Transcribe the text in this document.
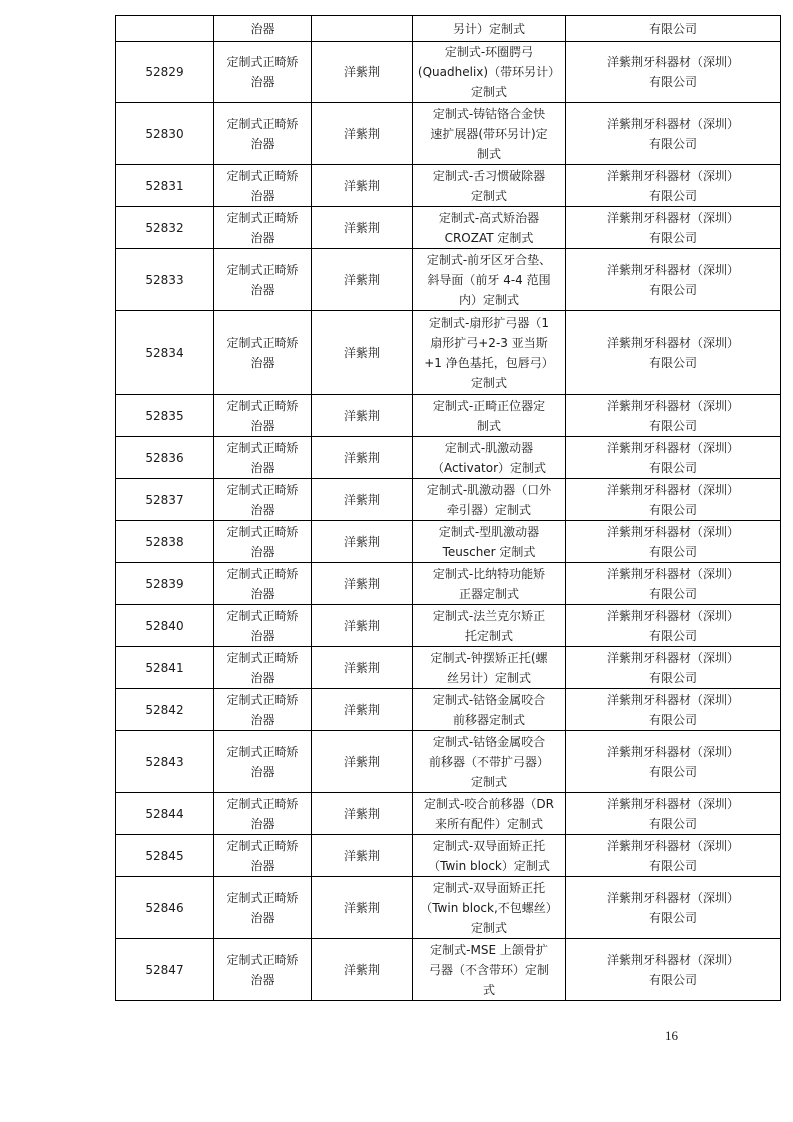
	治器		另计）定制式	有限公司
52829	定制式正畸矫
治器	洋紫荆	定制式-环圈腭弓
(Quadhelix)（带环另计）
定制式	洋紫荆牙科器材（深圳）
有限公司
52830	定制式正畸矫
治器	洋紫荆	定制式-铸钴铬合金快
速扩展器(带环另计)定
制式	洋紫荆牙科器材（深圳）
有限公司
52831	定制式正畸矫
治器	洋紫荆	定制式-舌习惯破除器
定制式	洋紫荆牙科器材（深圳）
有限公司
52832	定制式正畸矫
治器	洋紫荆	定制式-高式矫治器
CROZAT 定制式	洋紫荆牙科器材（深圳）
有限公司
52833	定制式正畸矫
治器	洋紫荆	定制式-前牙区牙合垫、
斜导面（前牙 4-4 范围
内）定制式	洋紫荆牙科器材（深圳）
有限公司
52834	定制式正畸矫
治器	洋紫荆	定制式-扇形扩弓器（1
扇形扩弓+2-3 亚当斯
+1 净色基托，包唇弓）
定制式	洋紫荆牙科器材（深圳）
有限公司
52835	定制式正畸矫
治器	洋紫荆	定制式-正畸正位器定
制式	洋紫荆牙科器材（深圳）
有限公司
52836	定制式正畸矫
治器	洋紫荆	定制式-肌激动器
（Activator）定制式	洋紫荆牙科器材（深圳）
有限公司
52837	定制式正畸矫
治器	洋紫荆	定制式-肌激动器（口外
牵引器）定制式	洋紫荆牙科器材（深圳）
有限公司
52838	定制式正畸矫
治器	洋紫荆	定制式-型肌激动器
Teuscher 定制式	洋紫荆牙科器材（深圳）
有限公司
52839	定制式正畸矫
治器	洋紫荆	定制式-比纳特功能矫
正器定制式	洋紫荆牙科器材（深圳）
有限公司
52840	定制式正畸矫
治器	洋紫荆	定制式-法兰克尔矫正
托定制式	洋紫荆牙科器材（深圳）
有限公司
52841	定制式正畸矫
治器	洋紫荆	定制式-钟摆矫正托(螺
丝另计）定制式	洋紫荆牙科器材（深圳）
有限公司
52842	定制式正畸矫
治器	洋紫荆	定制式-钴铬金属咬合
前移器定制式	洋紫荆牙科器材（深圳）
有限公司
52843	定制式正畸矫
治器	洋紫荆	定制式-钴铬金属咬合
前移器（不带扩弓器）
定制式	洋紫荆牙科器材（深圳）
有限公司
52844	定制式正畸矫
治器	洋紫荆	定制式-咬合前移器（DR
来所有配件）定制式	洋紫荆牙科器材（深圳）
有限公司
52845	定制式正畸矫
治器	洋紫荆	定制式-双导面矫正托
（Twin block）定制式	洋紫荆牙科器材（深圳）
有限公司
52846	定制式正畸矫
治器	洋紫荆	定制式-双导面矫正托
（Twin block,不包螺丝）
定制式	洋紫荆牙科器材（深圳）
有限公司
52847	定制式正畸矫
治器	洋紫荆	定制式-MSE 上颌骨扩
弓器（不含带环）定制
式	洋紫荆牙科器材（深圳）
有限公司
16
